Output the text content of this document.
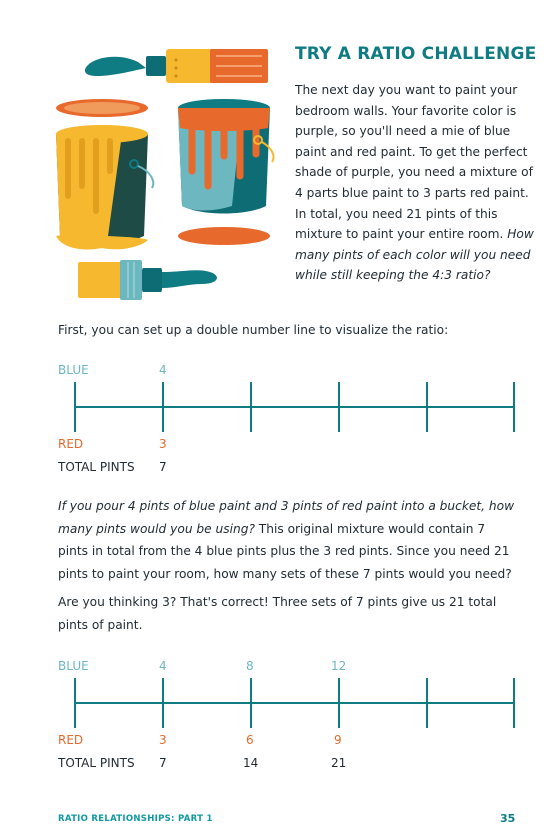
TRY A RATIO CHALLENGE
The next day you want to paint your bedroom walls. Your favorite color is purple, so you'll need a mie of blue paint and red paint. To get the perfect shade of purple, you need a mixture of 4 parts blue paint to 3 parts red paint. In total, you need 21 pints of this mixture to paint your entire room. How many pints of each color will you need while still keeping the 4:3 ratio?
First, you can set up a double number line to visualize the ratio:
BLUE	4
RED	3
TOTAL PINTS 7
If you pour 4 pints of blue paint and 3 pints of red paint into a bucket, how many pints would you be using? This original mixture would contain 7 pints in total from the 4 blue pints plus the 3 red pints. Since you need 21 pints to paint your room, how many sets of these 7 pints would you need?
Are you thinking 3? That's correct! Three sets of 7 pints give us 21 total pints of paint.
BLUE	4	8	12
RED	3	6	9
TOTAL PINTS 7	14	21
RATIO RELATIONSHIPS: PART 1	35
